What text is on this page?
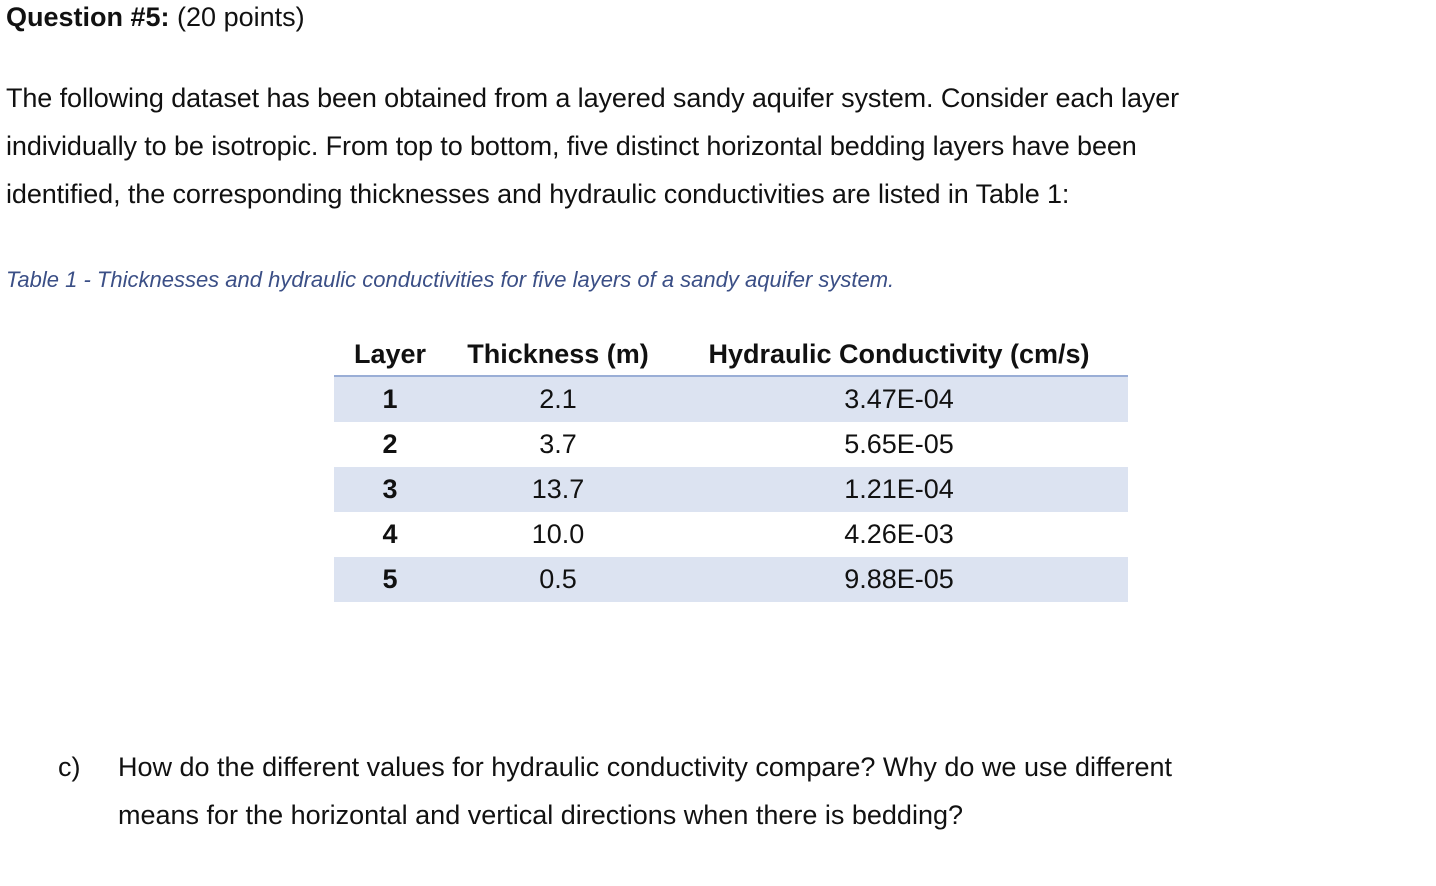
Question #5: (20 points)
The following dataset has been obtained from a layered sandy aquifer system. Consider each layer
individually to be isotropic. From top to bottom, five distinct horizontal bedding layers have been
identified, the corresponding thicknesses and hydraulic conductivities are listed in Table 1:
Table 1 - Thicknesses and hydraulic conductivities for five layers of a sandy aquifer system.
Layer	Thickness (m)	Hydraulic Conductivity (cm/s)
1	2.1	3.47E-04
2	3.7	5.65E-05
3	13.7	1.21E-04
4	10.0	4.26E-03
5	0.5	9.88E-05
c) How do the different values for hydraulic conductivity compare? Why do we use different
means for the horizontal and vertical directions when there is bedding?
